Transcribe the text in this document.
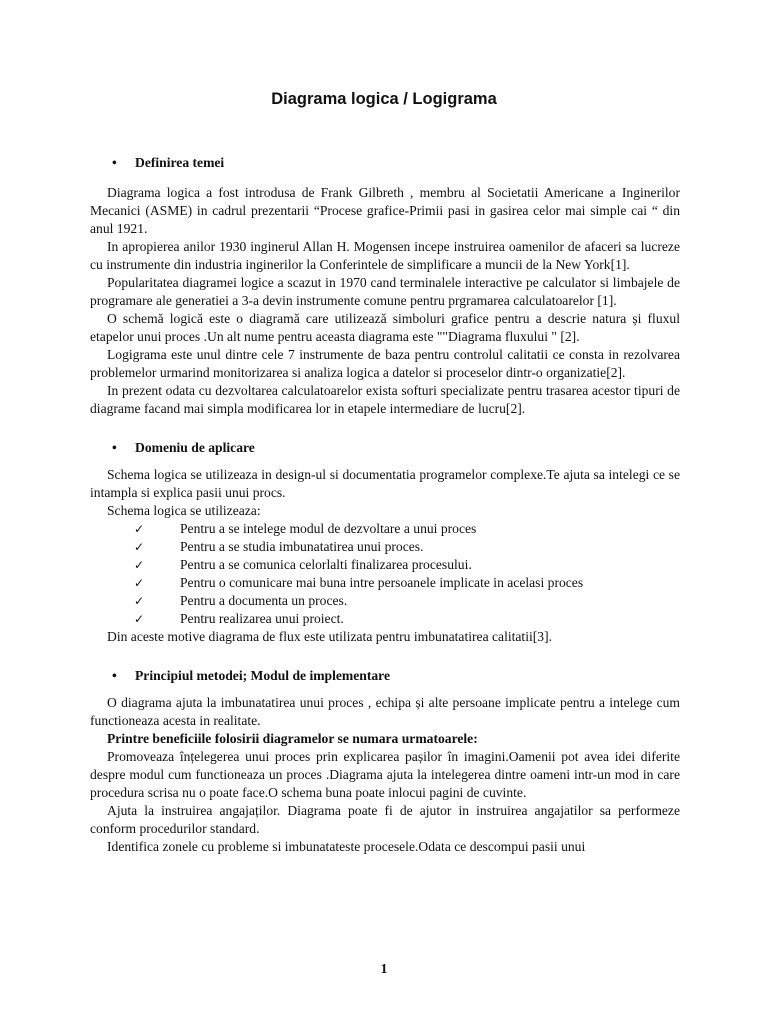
Diagrama logica / Logigrama
•	Definirea temei

Diagrama logica a fost introdusa de Frank Gilbreth , membru al Societatii Americane a Inginerilor Mecanici (ASME) in cadrul prezentarii “Procese grafice-Primii pasi in gasirea celor mai simple cai “ din anul 1921.

In apropierea anilor 1930 inginerul Allan H. Mogensen incepe instruirea oamenilor de afaceri sa lucreze cu instrumente din industria inginerilor la Conferintele de simplificare a muncii de la New York[1].

Popularitatea diagramei logice a scazut in 1970 cand terminalele interactive pe calculator si limbajele de programare ale generatiei a 3-a devin instrumente comune pentru prgramarea calculatoarelor [1].

O schemă logică este o diagramă care utilizează simboluri grafice pentru a descrie natura și fluxul etapelor unui proces .Un alt nume pentru aceasta diagrama este ""Diagrama fluxului " [2].

Logigrama este unul dintre cele 7 instrumente de baza pentru controlul calitatii ce consta in rezolvarea problemelor urmarind monitorizarea si analiza logica a datelor si proceselor dintr-o organizatie[2].

In prezent odata cu dezvoltarea calculatoarelor exista softuri specializate pentru trasarea acestor tipuri de diagrame facand mai simpla modificarea lor in etapele intermediare de lucru[2].

•	Domeniu de aplicare

Schema logica se utilizeaza in design-ul si documentatia programelor complexe.Te ajuta sa intelegi ce se intampla si explica pasii unui procs.

Schema logica se utilizeaza:

✓	Pentru a se intelege modul de dezvoltare a unui proces
✓	Pentru a se studia imbunatatirea unui proces.
✓	Pentru a se comunica celorlalti finalizarea procesului.
✓	Pentru o comunicare mai buna intre persoanele implicate in acelasi proces
✓	Pentru a documenta un proces.
✓	Pentru realizarea unui proiect.

Din aceste motive diagrama de flux este utilizata pentru imbunatatirea calitatii[3].

•	Principiul metodei; Modul de implementare

O diagrama ajuta la imbunatatirea unui proces , echipa și alte persoane implicate pentru a intelege cum functioneaza acesta in realitate.

Printre beneficiile folosirii diagramelor se numara urmatoarele:

Promoveaza înțelegerea unui proces prin explicarea pașilor în imagini.Oamenii pot avea idei diferite despre modul cum functioneaza un proces .Diagrama ajuta la intelegerea dintre oameni intr-un mod in care procedura scrisa nu o poate face.O schema buna poate inlocui pagini de cuvinte.

Ajuta la instruirea angajaților. Diagrama poate fi de ajutor in instruirea angajatilor sa performeze conform procedurilor standard.

Identifica zonele cu probleme si imbunatateste procesele.Odata ce descompui pasii unui

1
